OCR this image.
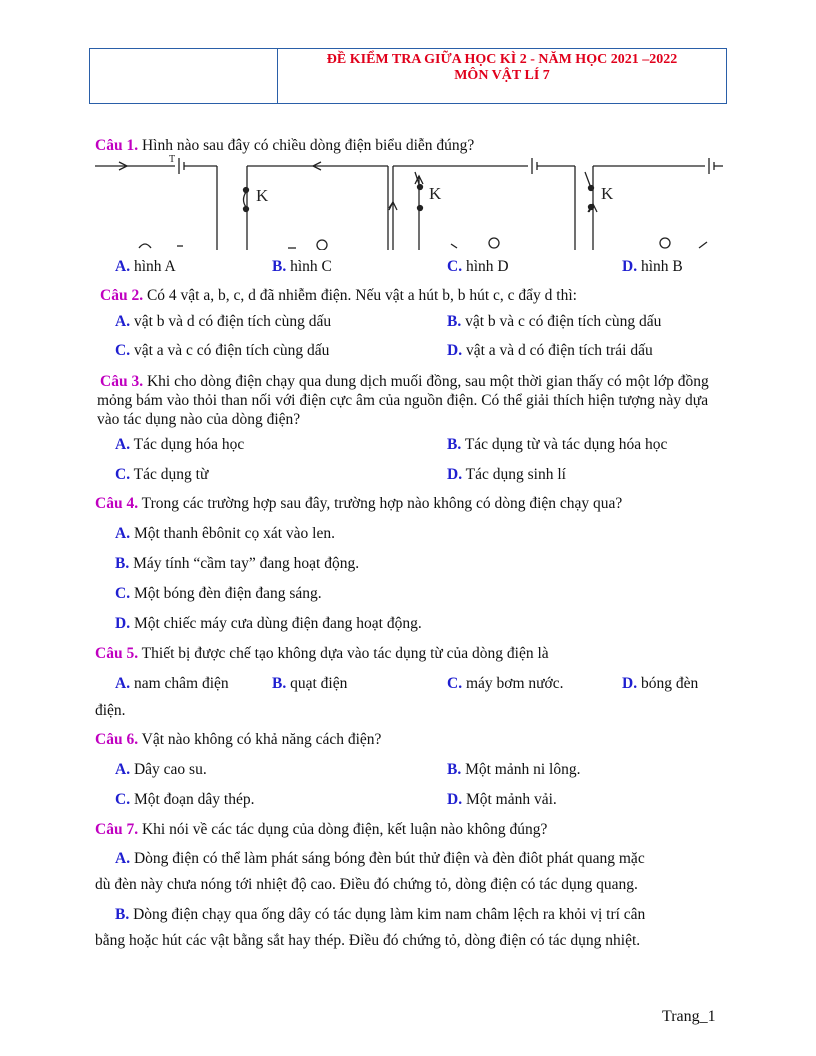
ĐỀ KIỂM TRA GIỮA HỌC KÌ 2 - NĂM HỌC 2021 –2022
MÔN VẬT LÍ 7
Câu 1. Hình nào sau đây có chiều dòng điện biểu diễn đúng?
T
K	K	K
A. hình A	B. hình C	C. hình D	D. hình B
Câu 2. Có 4 vật a, b, c, d đã nhiễm điện. Nếu vật a hút b, b hút c, c đẩy d thì:
A. vật b và d có điện tích cùng dấu	B. vật b và c có điện tích cùng dấu
C. vật a và c có điện tích cùng dấu	D. vật a và d có điện tích trái dấu
Câu 3. Khi cho dòng điện chạy qua dung dịch muối đồng, sau một thời gian thấy có một lớp đồng mỏng bám vào thỏi than nối với điện cực âm của nguồn điện. Có thể giải thích hiện tượng này dựa vào tác dụng nào của dòng điện?
A. Tác dụng hóa học	B. Tác dụng từ và tác dụng hóa học
C. Tác dụng từ	D. Tác dụng sinh lí
Câu 4. Trong các trường hợp sau đây, trường hợp nào không có dòng điện chạy qua?
A. Một thanh êbônit cọ xát vào len.
B. Máy tính “cầm tay” đang hoạt động.
C. Một bóng đèn điện đang sáng.
D. Một chiếc máy cưa dùng điện đang hoạt động.
Câu 5. Thiết bị được chế tạo không dựa vào tác dụng từ của dòng điện là
A. nam châm điện	B. quạt điện	C. máy bơm nước.	D. bóng đèn
điện.
Câu 6. Vật nào không có khả năng cách điện?
A. Dây cao su.	B. Một mảnh ni lông.
C. Một đoạn dây thép.	D. Một mảnh vải.
Câu 7. Khi nói về các tác dụng của dòng điện, kết luận nào không đúng?
A. Dòng điện có thể làm phát sáng bóng đèn bút thử điện và đèn điôt phát quang mặc
dù đèn này chưa nóng tới nhiệt độ cao. Điều đó chứng tỏ, dòng điện có tác dụng quang.
B. Dòng điện chạy qua ống dây có tác dụng làm kim nam châm lệch ra khỏi vị trí cân
bằng hoặc hút các vật bằng sắt hay thép. Điều đó chứng tỏ, dòng điện có tác dụng nhiệt.
Trang_1
